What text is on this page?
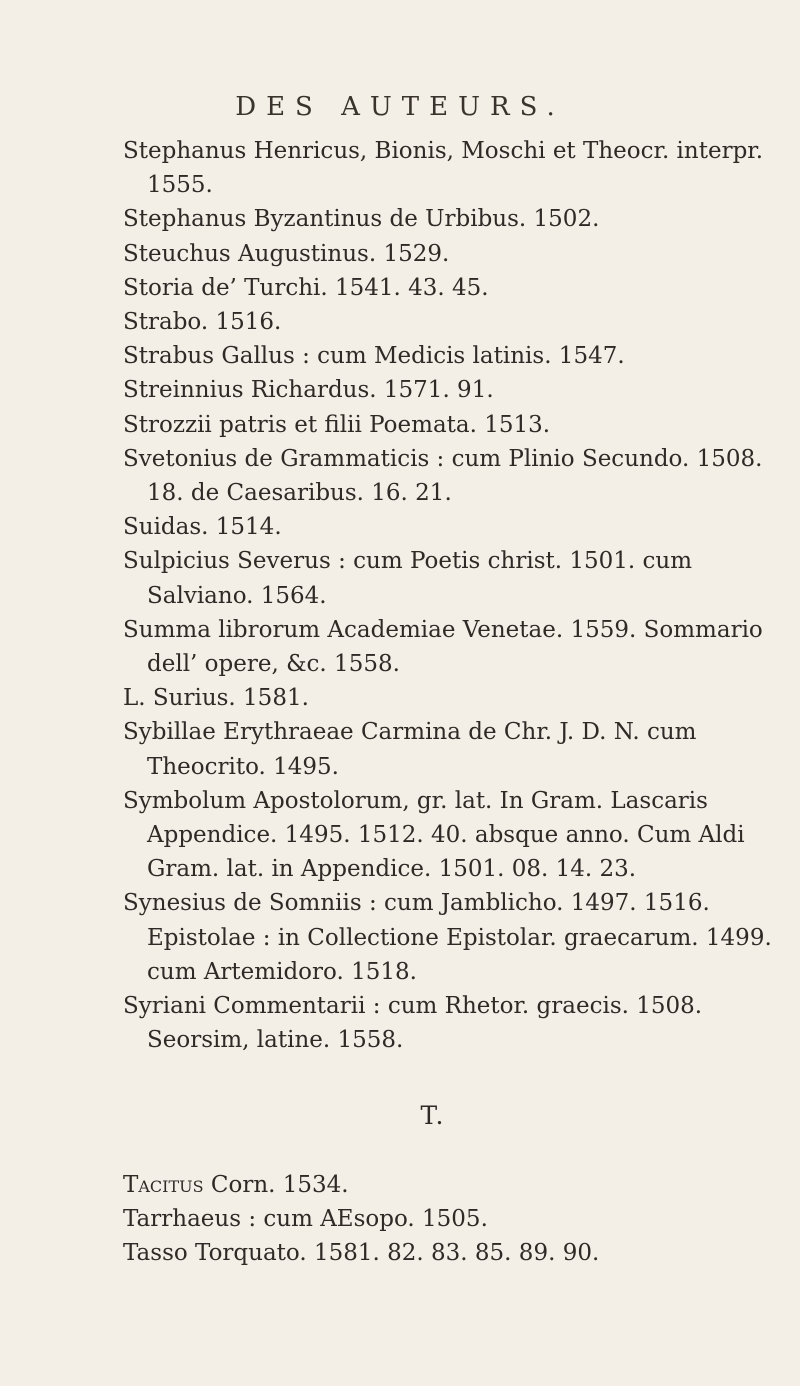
DES AUTEURS.

Stephanus Henricus, Bionis, Moschi et Theocr. interpr. 1555.

Stephanus Byzantinus de Urbibus. 1502.

Steuchus Augustinus. 1529.

Storia de’ Turchi. 1541. 43. 45.

Strabo. 1516.

Strabus Gallus : cum Medicis latinis. 1547.

Streinnius Richardus. 1571. 91.

Strozzii patris et filii Poemata. 1513.

Svetonius de Grammaticis : cum Plinio Secundo. 1508. 18. de Caesaribus. 16. 21.

Suidas. 1514.

Sulpicius Severus : cum Poetis christ. 1501. cum Salviano. 1564.

Summa librorum Academiae Venetae. 1559. Sommario dell’ opere, &c. 1558.

L. Surius. 1581.

Sybillae Erythraeae Carmina de Chr. J. D. N. cum Theocrito. 1495.

Symbolum Apostolorum, gr. lat. In Gram. Lascaris Appendice. 1495. 1512. 40. absque anno. Cum Aldi Gram. lat. in Appendice. 1501. 08. 14. 23.

Synesius de Somniis : cum Jamblicho. 1497. 1516. Epistolae : in Collectione Epistolar. graecarum. 1499. cum Artemidoro. 1518.

Syriani Commentarii : cum Rhetor. graecis. 1508. Seorsim, latine. 1558.

T.

Tacitus Corn. 1534.

Tarrhaeus : cum AEsopo. 1505.

Tasso Torquato. 1581. 82. 83. 85. 89. 90.
